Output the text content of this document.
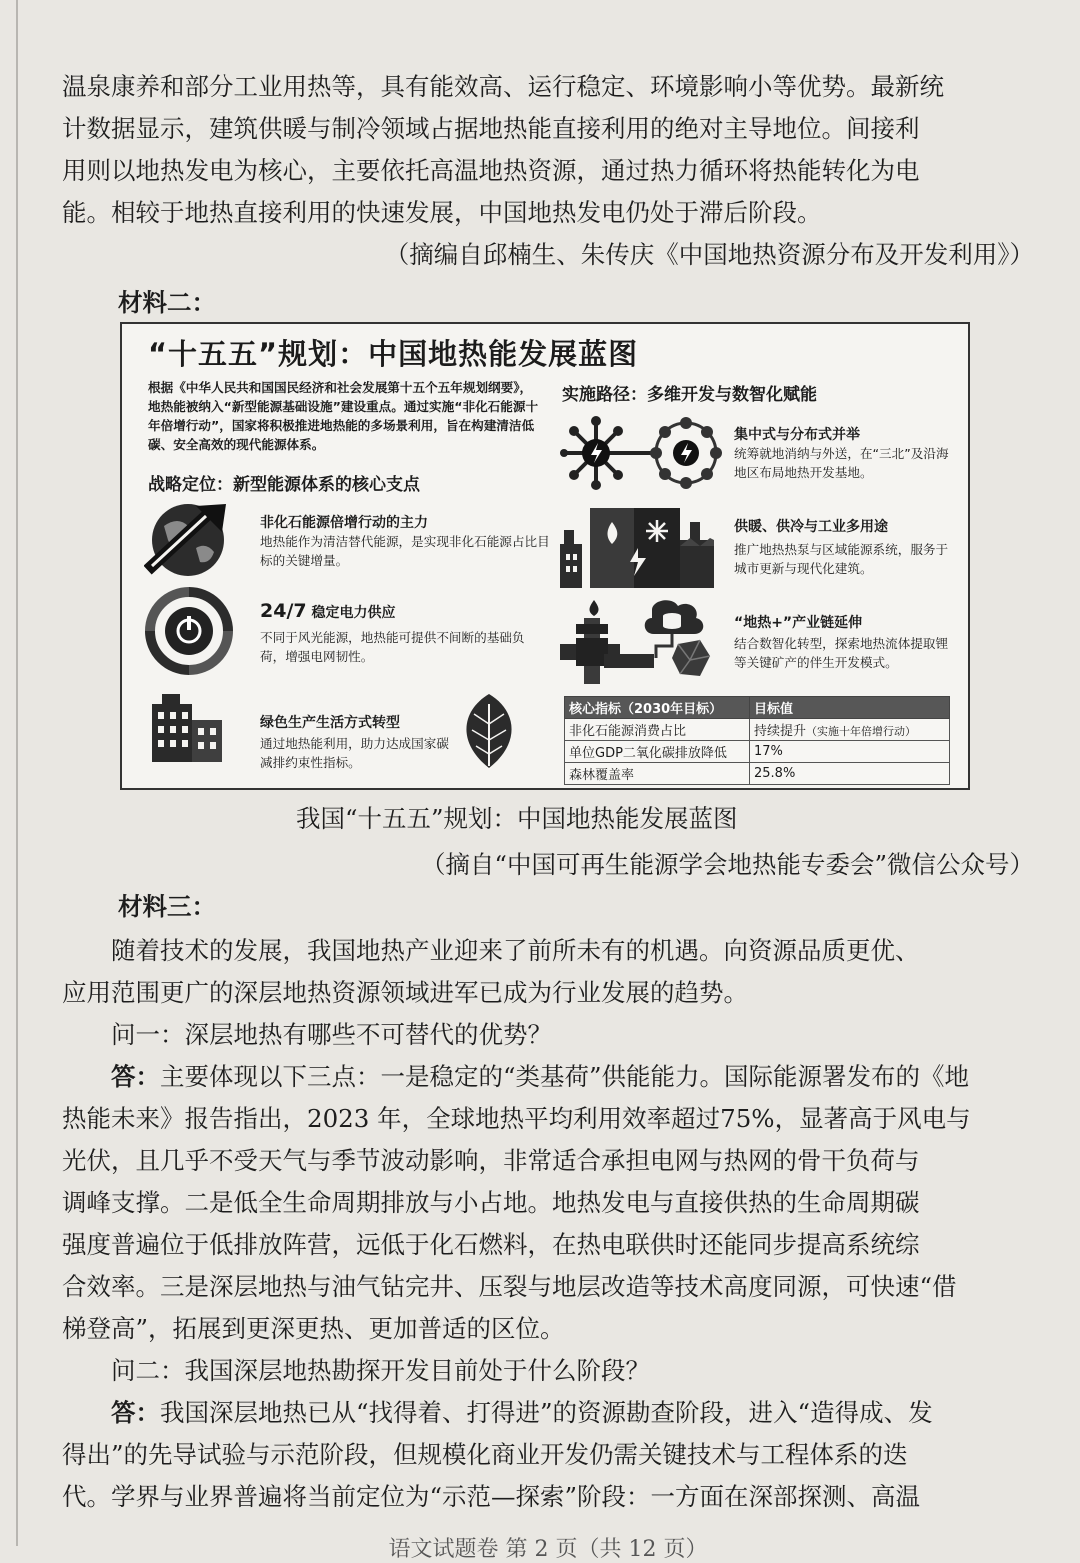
温泉康养和部分工业用热等，具有能效高、运行稳定、环境影响小等优势。最新统

计数据显示，建筑供暖与制冷领域占据地热能直接利用的绝对主导地位。间接利

用则以地热发电为核心，主要依托高温地热资源，通过热力循环将热能转化为电

能。相较于地热直接利用的快速发展，中国地热发电仍处于滞后阶段。

（摘编自邱楠生、朱传庆《中国地热资源分布及开发利用》）

材料二：
“十五五”规划：中国地热能发展蓝图

根据《中华人民共和国国民经济和社会发展第十五个五年规划纲要》，地热能被纳入“新型能源基础设施”建设重点。通过实施“非化石能源十年倍增行动”，国家将积极推进地热能的多场景利用，旨在构建清洁低碳、安全高效的现代能源体系。

战略定位：新型能源体系的核心支点
非化石能源倍增行动的主力
地热能作为清洁替代能源，是实现非化石能源占比目标的关键增量。
24/7 稳定电力供应
不同于风光能源，地热能可提供不间断的基础负荷，增强电网韧性。
绿色生产生活方式转型
通过地热能利用，助力达成国家碳减排约束性指标。
实施路径：多维开发与数智化赋能
集中式与分布式并举
统筹就地消纳与外送，在“三北”及沿海地区布局地热开发基地。
供暖、供冷与工业多用途
推广地热热泵与区域能源系统，服务于城市更新与现代化建筑。
“地热+”产业链延伸
结合数智化转型，探索地热流体提取锂等关键矿产的伴生开发模式。
核心指标（2030年目标）	目标值
非化石能源消费占比	持续提升（实施十年倍增行动）
单位GDP二氧化碳排放降低	17%
森林覆盖率	25.8%
我国“十五五”规划：中国地热能发展蓝图
（摘自“中国可再生能源学会地热能专委会”微信公众号）
材料三：

随着技术的发展，我国地热产业迎来了前所未有的机遇。向资源品质更优、

应用范围更广的深层地热资源领域进军已成为行业发展的趋势。

问一：深层地热有哪些不可替代的优势？

答：主要体现以下三点：一是稳定的“类基荷”供能能力。国际能源署发布的《地

热能未来》报告指出，2023 年，全球地热平均利用效率超过75%，显著高于风电与

光伏，且几乎不受天气与季节波动影响，非常适合承担电网与热网的骨干负荷与

调峰支撑。二是低全生命周期排放与小占地。地热发电与直接供热的生命周期碳

强度普遍位于低排放阵营，远低于化石燃料，在热电联供时还能同步提高系统综

合效率。三是深层地热与油气钻完井、压裂与地层改造等技术高度同源，可快速“借

梯登高”，拓展到更深更热、更加普适的区位。

问二：我国深层地热勘探开发目前处于什么阶段？

答：我国深层地热已从“找得着、打得进”的资源勘查阶段，进入“造得成、发

得出”的先导试验与示范阶段，但规模化商业开发仍需关键技术与工程体系的迭

代。学界与业界普遍将当前定位为“示范—探索”阶段：一方面在深部探测、高温

语文试题卷 第 2 页（共 12 页）
